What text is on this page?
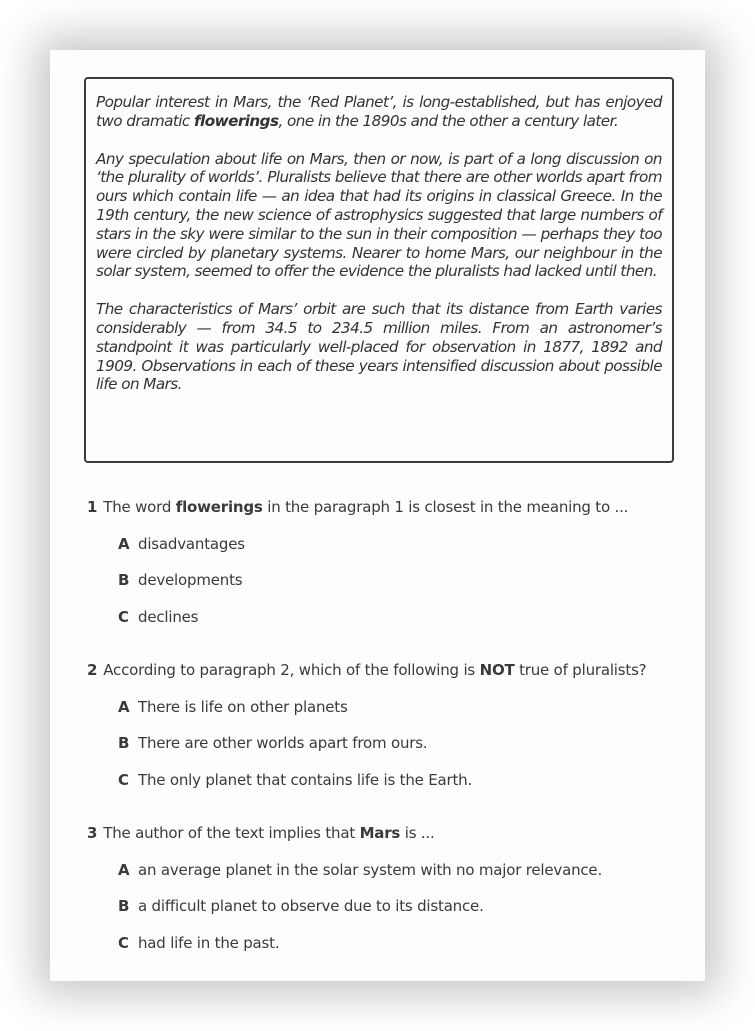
Popular interest in Mars, the ‘Red Planet’, is long-established, but has enjoyed two dramatic flowerings, one in the 1890s and the other a century later.

Any speculation about life on Mars, then or now, is part of a long discussion on ‘the plurality of worlds’. Pluralists believe that there are other worlds apart from ours which contain life — an idea that had its origins in classical Greece. In the 19th century, the new science of astrophysics suggested that large numbers of stars in the sky were similar to the sun in their composition — perhaps they too were circled by planetary systems. Nearer to home Mars, our neighbour in the solar system, seemed to offer the evidence the pluralists had lacked until then.

The characteristics of Mars’ orbit are such that its distance from Earth varies considerably — from 34.5 to 234.5 million miles. From an astronomer’s standpoint it was particularly well-placed for observation in 1877, 1892 and 1909. Observations in each of these years intensified discussion about possible life on Mars.

1 The word flowerings in the paragraph 1 is closest in the meaning to ...
A disadvantages
B developments
C declines
2 According to paragraph 2, which of the following is NOT true of pluralists?
A There is life on other planets
B There are other worlds apart from ours.
C The only planet that contains life is the Earth.
3 The author of the text implies that Mars is ...
A an average planet in the solar system with no major relevance.
B a difficult planet to observe due to its distance.
C had life in the past.
